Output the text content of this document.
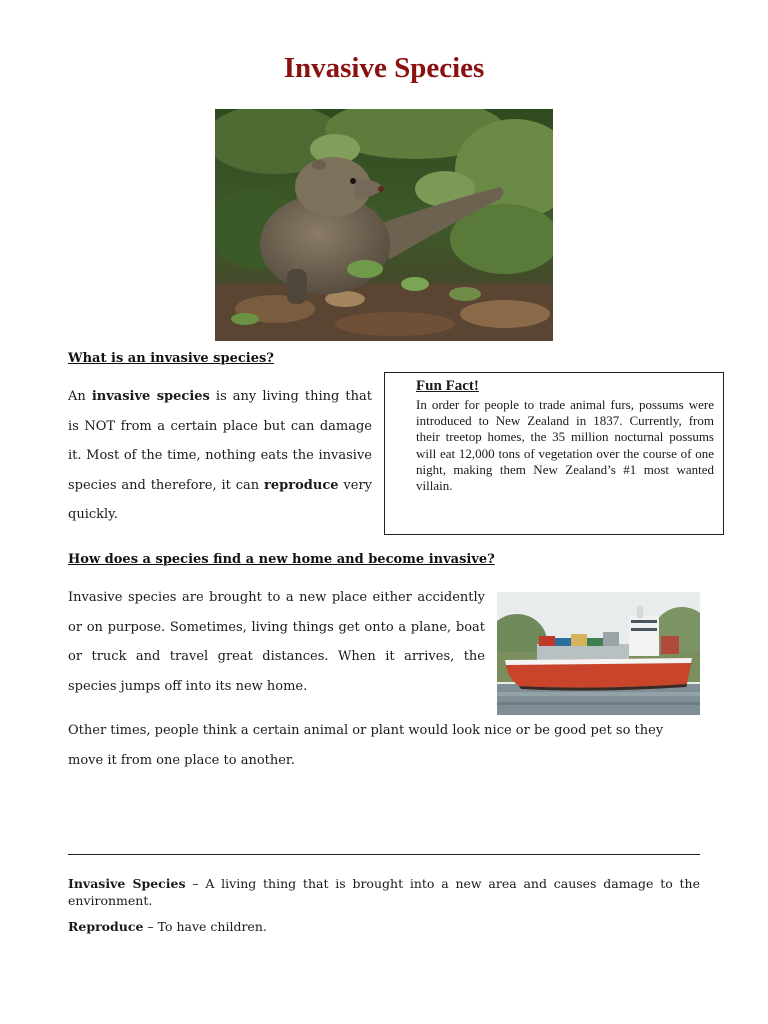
Invasive Species
What is an invasive species?
An invasive species is any living thing that is NOT from a certain place but can damage it. Most of the time, nothing eats the invasive species and therefore, it can reproduce very quickly.
Fun Fact!
In order for people to trade animal furs, possums were introduced to New Zealand in 1837. Currently, from their treetop homes, the 35 million nocturnal possums will eat 12,000 tons of vegetation over the course of one night, making them New Zealand’s #1 most wanted villain.
How does a species find a new home and become invasive?
Invasive species are brought to a new place either accidently or on purpose. Sometimes, living things get onto a plane, boat or truck and travel great distances. When it arrives, the species jumps off into its new home.
Other times, people think a certain animal or plant would look nice or be good pet so they move it from one place to another.
Invasive Species – A living thing that is brought into a new area and causes damage to the environment.
Reproduce – To have children.
